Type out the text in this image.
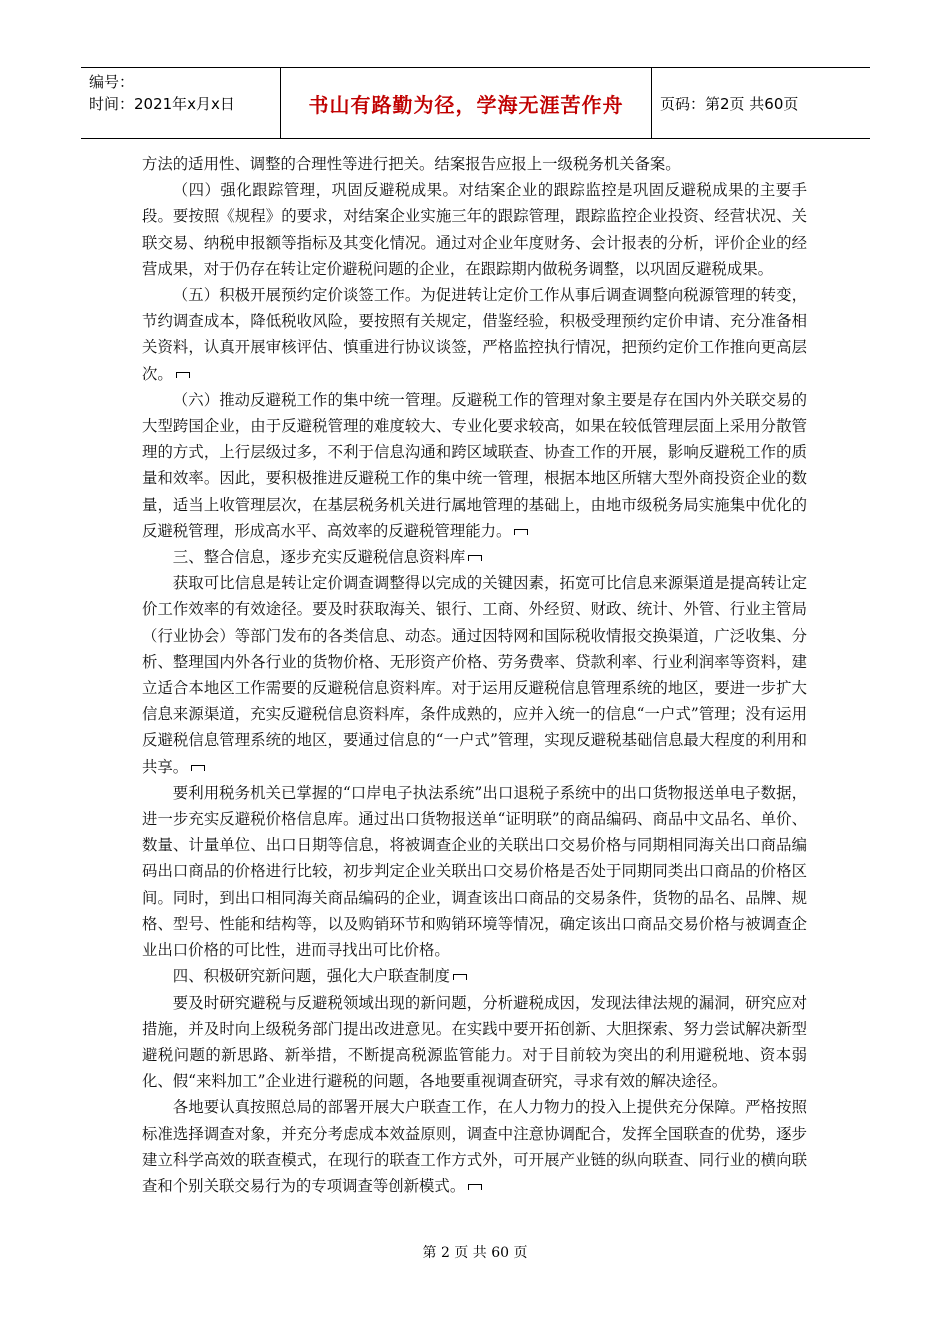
编号：
时间：2021年x月x日	书山有路勤为径，学海无涯苦作舟	页码：第2页 共60页

方法的适用性、调整的合理性等进行把关。结案报告应报上一级税务机关备案。

（四）强化跟踪管理，巩固反避税成果。对结案企业的跟踪监控是巩固反避税成果的主要手段。要按照《规程》的要求，对结案企业实施三年的跟踪管理，跟踪监控企业投资、经营状况、关联交易、纳税申报额等指标及其变化情况。通过对企业年度财务、会计报表的分析，评价企业的经营成果，对于仍存在转让定价避税问题的企业，在跟踪期内做税务调整，以巩固反避税成果。

（五）积极开展预约定价谈签工作。为促进转让定价工作从事后调查调整向税源管理的转变，节约调查成本，降低税收风险，要按照有关规定，借鉴经验，积极受理预约定价申请、充分准备相关资料，认真开展审核评估、慎重进行协议谈签，严格监控执行情况，把预约定价工作推向更高层次。

（六）推动反避税工作的集中统一管理。反避税工作的管理对象主要是存在国内外关联交易的大型跨国企业，由于反避税管理的难度较大、专业化要求较高，如果在较低管理层面上采用分散管理的方式，上行层级过多，不利于信息沟通和跨区域联查、协查工作的开展，影响反避税工作的质量和效率。因此，要积极推进反避税工作的集中统一管理，根据本地区所辖大型外商投资企业的数量，适当上收管理层次，在基层税务机关进行属地管理的基础上，由地市级税务局实施集中优化的反避税管理，形成高水平、高效率的反避税管理能力。

三、整合信息，逐步充实反避税信息资料库

获取可比信息是转让定价调查调整得以完成的关键因素，拓宽可比信息来源渠道是提高转让定价工作效率的有效途径。要及时获取海关、银行、工商、外经贸、财政、统计、外管、行业主管局（行业协会）等部门发布的各类信息、动态。通过因特网和国际税收情报交换渠道，广泛收集、分析、整理国内外各行业的货物价格、无形资产价格、劳务费率、贷款利率、行业利润率等资料，建立适合本地区工作需要的反避税信息资料库。对于运用反避税信息管理系统的地区，要进一步扩大信息来源渠道，充实反避税信息资料库，条件成熟的，应并入统一的信息“一户式”管理；没有运用反避税信息管理系统的地区，要通过信息的“一户式”管理，实现反避税基础信息最大程度的利用和共享。

要利用税务机关已掌握的“口岸电子执法系统”出口退税子系统中的出口货物报送单电子数据，进一步充实反避税价格信息库。通过出口货物报送单“证明联”的商品编码、商品中文品名、单价、数量、计量单位、出口日期等信息，将被调查企业的关联出口交易价格与同期相同海关出口商品编码出口商品的价格进行比较，初步判定企业关联出口交易价格是否处于同期同类出口商品的价格区间。同时，到出口相同海关商品编码的企业，调查该出口商品的交易条件，货物的品名、品牌、规格、型号、性能和结构等，以及购销环节和购销环境等情况，确定该出口商品交易价格与被调查企业出口价格的可比性，进而寻找出可比价格。

四、积极研究新问题，强化大户联查制度

要及时研究避税与反避税领域出现的新问题，分析避税成因，发现法律法规的漏洞，研究应对措施，并及时向上级税务部门提出改进意见。在实践中要开拓创新、大胆探索、努力尝试解决新型避税问题的新思路、新举措，不断提高税源监管能力。对于目前较为突出的利用避税地、资本弱化、假“来料加工”企业进行避税的问题，各地要重视调查研究，寻求有效的解决途径。

各地要认真按照总局的部署开展大户联查工作，在人力物力的投入上提供充分保障。严格按照标准选择调查对象，并充分考虑成本效益原则，调查中注意协调配合，发挥全国联查的优势，逐步建立科学高效的联查模式，在现行的联查工作方式外，可开展产业链的纵向联查、同行业的横向联查和个别关联交易行为的专项调查等创新模式。

第 2 页 共 60 页
